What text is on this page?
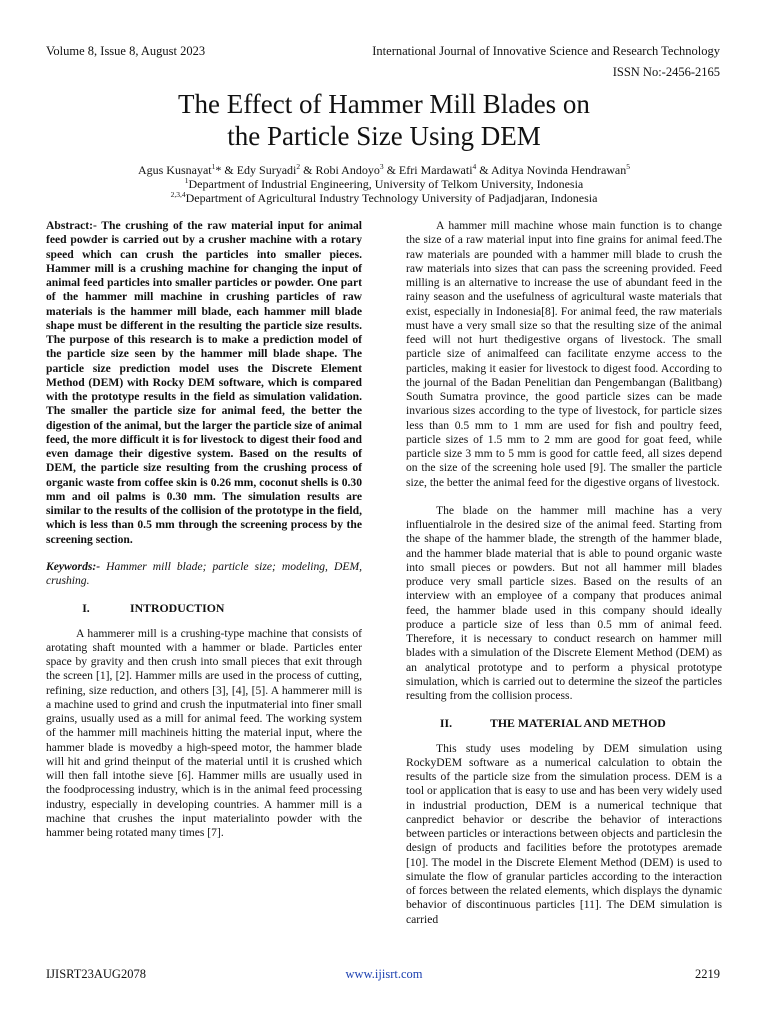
Volume 8, Issue 8, August 2023	International Journal of Innovative Science and Research Technology
ISSN No:-2456-2165
The Effect of Hammer Mill Blades on
the Particle Size Using DEM
Agus Kusnayat$^1$* & Edy Suryadi$^2$ & Robi Andoyo$^3$ & Efri Mardawati$^4$ & Aditya Novinda Hendrawan$^5$
$^1$Department of Industrial Engineering, University of Telkom University, Indonesia
$^{2,3,4}$Department of Agricultural Industry Technology University of Padjadjaran, Indonesia

Abstract:- The crushing of the raw material input for animal feed powder is carried out by a crusher machine with a rotary speed which can crush the particles into smaller pieces. Hammer mill is a crushing machine for changing the input of animal feed particles into smaller particles or powder. One part of the hammer mill machine in crushing particles of raw materials is the hammer mill blade, each hammer mill blade shape must be different in the resulting the particle size results. The purpose of this research is to make a prediction model of the particle size seen by the hammer mill blade shape. The particle size prediction model uses the Discrete Element Method (DEM) with Rocky DEM software, which is compared with the prototype results in the field as simulation validation. The smaller the particle size for animal feed, the better the digestion of the animal, but the larger the particle size of animal feed, the more difficult it is for livestock to digest their food and even damage their digestive system. Based on the results of DEM, the particle size resulting from the crushing process of organic waste from coffee skin is 0.26 mm, coconut shells is 0.30 mm and oil palms is 0.30 mm. The simulation results are similar to the results of the collision of the prototype in the field, which is less than 0.5 mm through the screening process by the screening section.

Keywords:- Hammer mill blade; particle size; modeling, DEM, crushing.

I.	INTRODUCTION

A hammerer mill is a crushing-type machine that consists of arotating shaft mounted with a hammer or blade. Particles enter space by gravity and then crush into small pieces that exit through the screen [1], [2]. Hammer mills are used in the process of cutting, refining, size reduction, and others [3], [4], [5]. A hammerer mill is a machine used to grind and crush the inputmaterial into finer small grains, usually used as a mill for animal feed. The working system of the hammer mill machineis hitting the material input, where the hammer blade is movedby a high-speed motor, the hammer blade will hit and grind theinput of the material until it is crushed which will then fall intothe sieve [6]. Hammer mills are usually used in the foodprocessing industry, which is in the animal feed processing industry, especially in developing countries. A hammer mill is a machine that crushes the input materialinto powder with the hammer being rotated many times [7].

A hammer mill machine whose main function is to change the size of a raw material input into fine grains for animal feed.The raw materials are pounded with a hammer mill blade to crush the raw materials into sizes that can pass the screening provided. Feed milling is an alternative to increase the use of abundant feed in the rainy season and the usefulness of agricultural waste materials that exist, especially in Indonesia[8]. For animal feed, the raw materials must have a very small size so that the resulting size of the animal feed will not hurt thedigestive organs of livestock. The small particle size of animalfeed can facilitate enzyme access to the particles, making it easier for livestock to digest food. According to the journal of the Badan Penelitian dan Pengembangan (Balitbang) South Sumatra province, the good particle sizes can be made invarious sizes according to the type of livestock, for particle sizes less than 0.5 mm to 1 mm are used for fish and poultry feed, particle sizes of 1.5 mm to 2 mm are good for goat feed, while particle size 3 mm to 5 mm is good for cattle feed, all sizes depend on the size of the screening hole used [9]. The smaller the particle size, the better the animal feed for the digestive organs of livestock.

The blade on the hammer mill machine has a very influentialrole in the desired size of the animal feed. Starting from the shape of the hammer blade, the strength of the hammer blade, and the hammer blade material that is able to pound organic waste into small pieces or powders. But not all hammer mill blades produce very small particle sizes. Based on the results of an interview with an employee of a company that produces animal feed, the hammer blade used in this company should ideally produce a particle size of less than 0.5 mm of animal feed. Therefore, it is necessary to conduct research on hammer mill blades with a simulation of the Discrete Element Method (DEM) as an analytical prototype and to perform a physical prototype simulation, which is carried out to determine the sizeof the particles resulting from the collision process.

II.	THE MATERIAL AND METHOD

This study uses modeling by DEM simulation using RockyDEM software as a numerical calculation to obtain the results of the particle size from the simulation process. DEM is a tool or application that is easy to use and has been very widely used in industrial production, DEM is a numerical technique that canpredict behavior or describe the behavior of interactions between particles or interactions between objects and particlesin the design of products and facilities before the prototypes aremade [10]. The model in the Discrete Element Method (DEM) is used to simulate the flow of granular particles according to the interaction of forces between the related elements, which displays the dynamic behavior of discontinuous particles [11]. The DEM simulation is carried

IJISRT23AUG2078	www.ijisrt.com	2219
